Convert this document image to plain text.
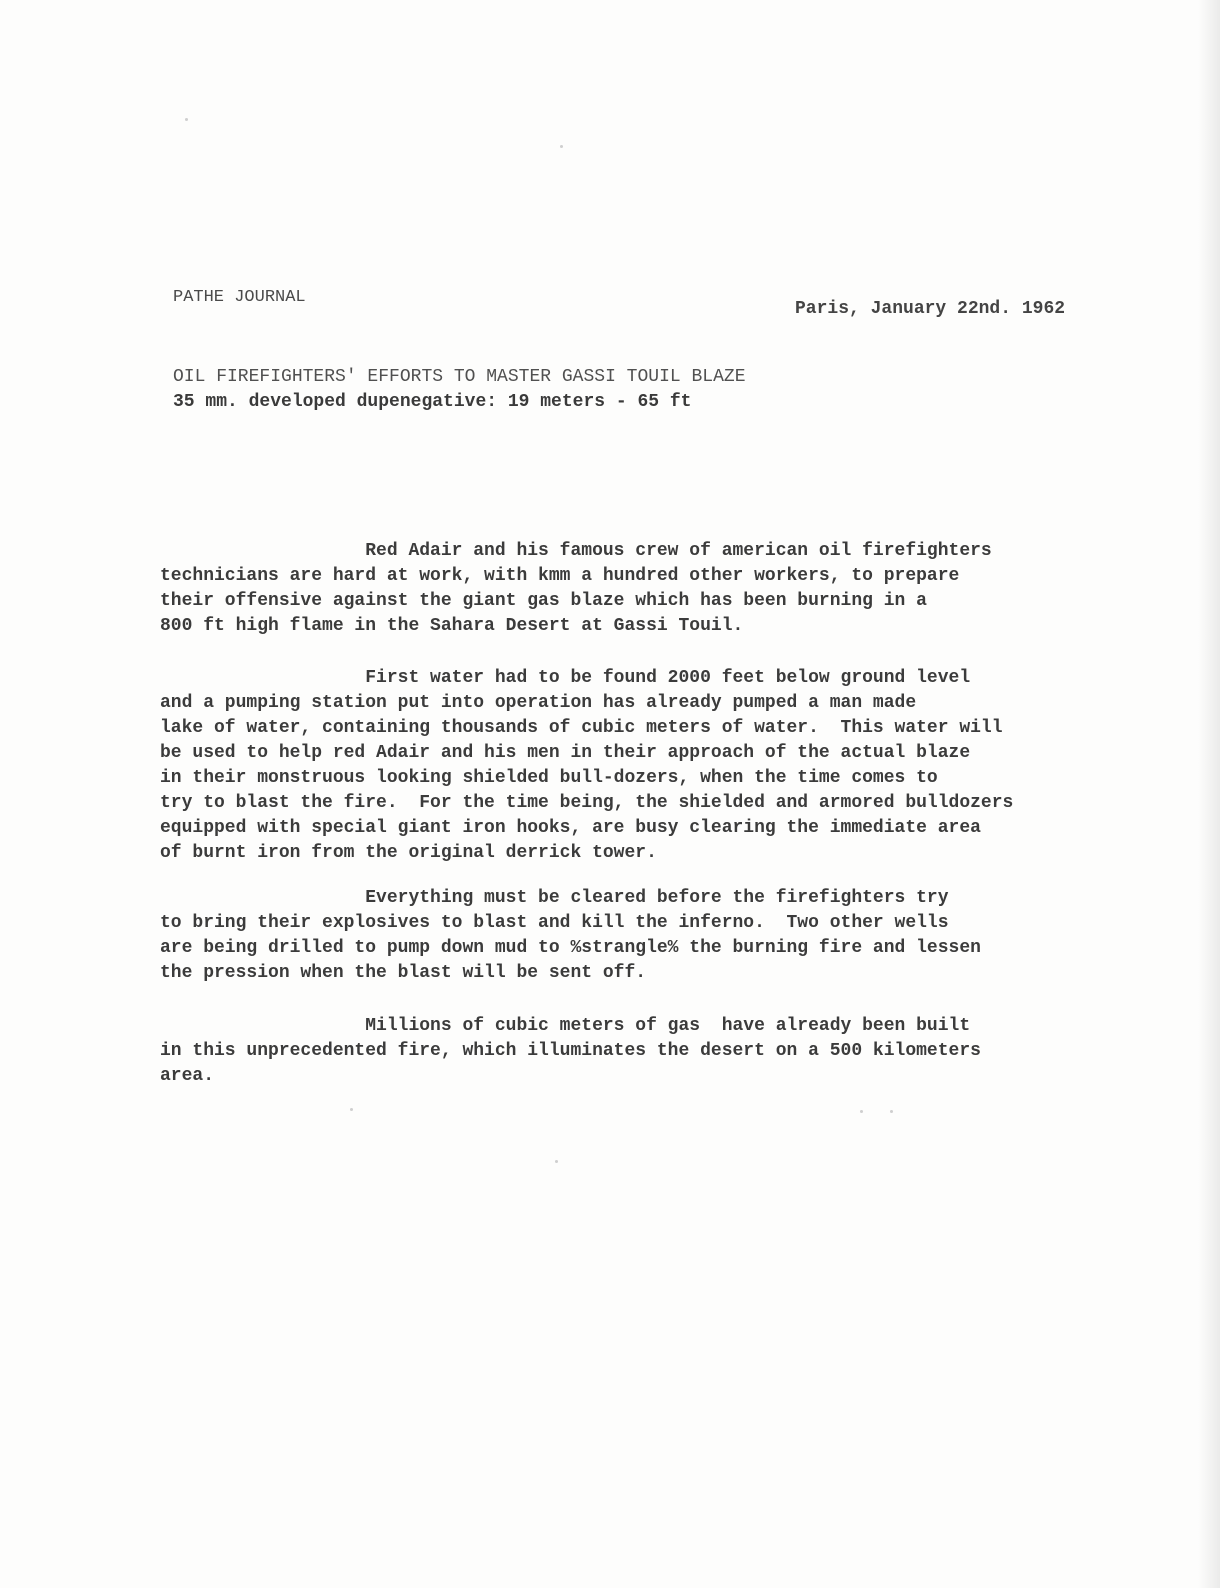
PATHE JOURNAL
Paris, January 22nd. 1962
OIL FIREFIGHTERS' EFFORTS TO MASTER GASSI TOUIL BLAZE
35 mm. developed dupenegative: 19 meters - 65 ft

Red Adair and his famous crew of american oil firefighters
technicians are hard at work, with kmm a hundred other workers, to prepare
their offensive against the giant gas blaze which has been burning in a
800 ft high flame in the Sahara Desert at Gassi Touil.

First water had to be found 2000 feet below ground level
and a pumping station put into operation has already pumped a man made
lake of water, containing thousands of cubic meters of water.  This water will
be used to help red Adair and his men in their approach of the actual blaze
in their monstruous looking shielded bull-dozers, when the time comes to
try to blast the fire.  For the time being, the shielded and armored bulldozers
equipped with special giant iron hooks, are busy clearing the immediate area
of burnt iron from the original derrick tower.

Everything must be cleared before the firefighters try
to bring their explosives to blast and kill the inferno.  Two other wells
are being drilled to pump down mud to %strangle% the burning fire and lessen
the pression when the blast will be sent off.

Millions of cubic meters of gas  have already been built
in this unprecedented fire, which illuminates the desert on a 500 kilometers
area.
